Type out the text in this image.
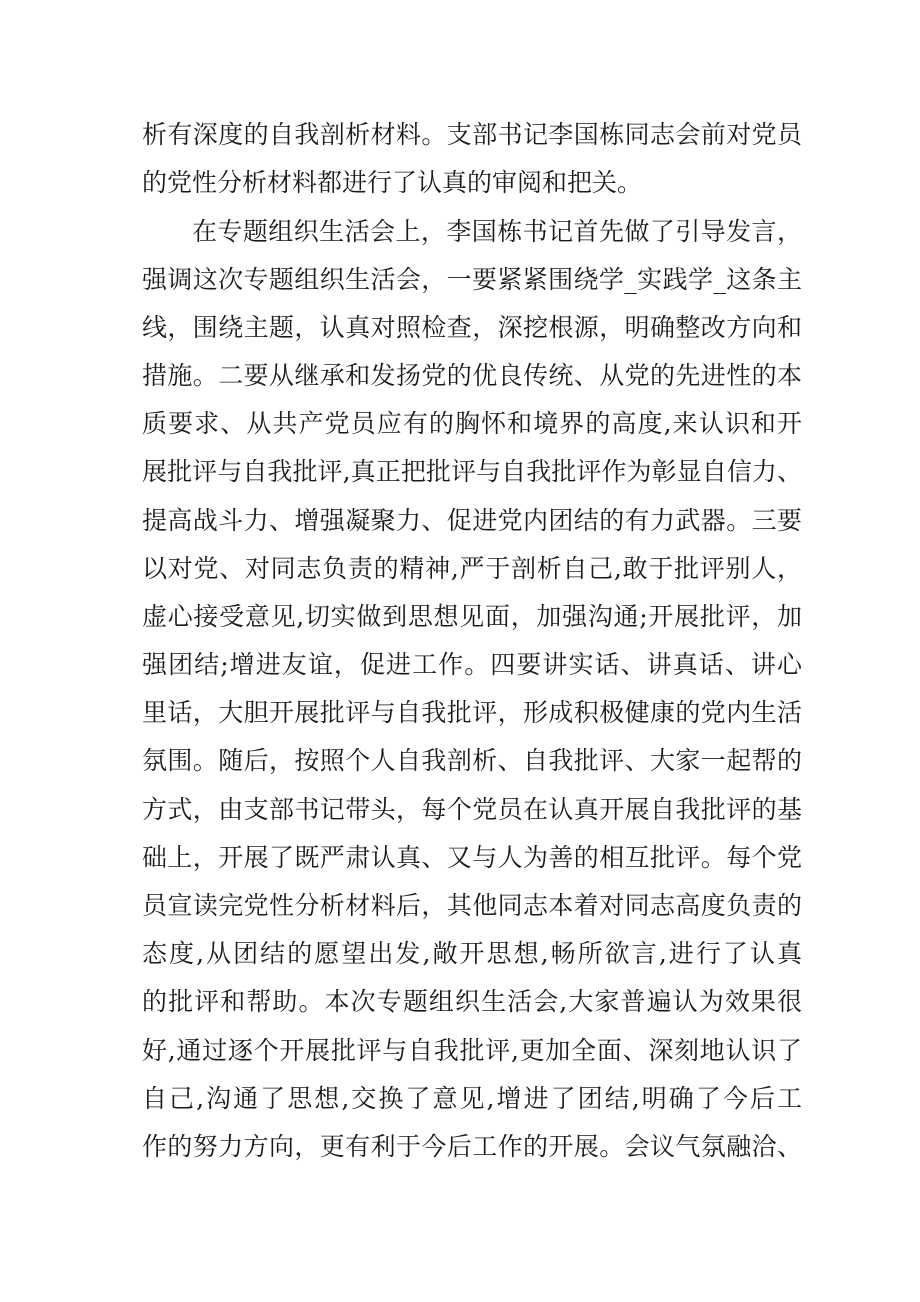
析有深度的自我剖析材料。支部书记李国栋同志会前对党员
的党性分析材料都进行了认真的审阅和把关。
在专题组织生活会上，李国栋书记首先做了引导发言，
强调这次专题组织生活会，一要紧紧围绕学_实践学_这条主
线，围绕主题，认真对照检查，深挖根源，明确整改方向和
措施。二要从继承和发扬党的优良传统、从党的先进性的本
质要求、从共产党员应有的胸怀和境界的高度,来认识和开
展批评与自我批评,真正把批评与自我批评作为彰显自信力、
提高战斗力、增强凝聚力、促进党内团结的有力武器。三要
以对党、对同志负责的精神,严于剖析自己,敢于批评别人，
虚心接受意见,切实做到思想见面，加强沟通;开展批评，加
强团结;增进友谊，促进工作。四要讲实话、讲真话、讲心
里话，大胆开展批评与自我批评，形成积极健康的党内生活
氛围。随后，按照个人自我剖析、自我批评、大家一起帮的
方式，由支部书记带头，每个党员在认真开展自我批评的基
础上，开展了既严肃认真、又与人为善的相互批评。每个党
员宣读完党性分析材料后，其他同志本着对同志高度负责的
态度,从团结的愿望出发,敞开思想,畅所欲言,进行了认真
的批评和帮助。本次专题组织生活会,大家普遍认为效果很
好,通过逐个开展批评与自我批评,更加全面、深刻地认识了
自己,沟通了思想,交换了意见,增进了团结,明确了今后工
作的努力方向，更有利于今后工作的开展。会议气氛融洽、
